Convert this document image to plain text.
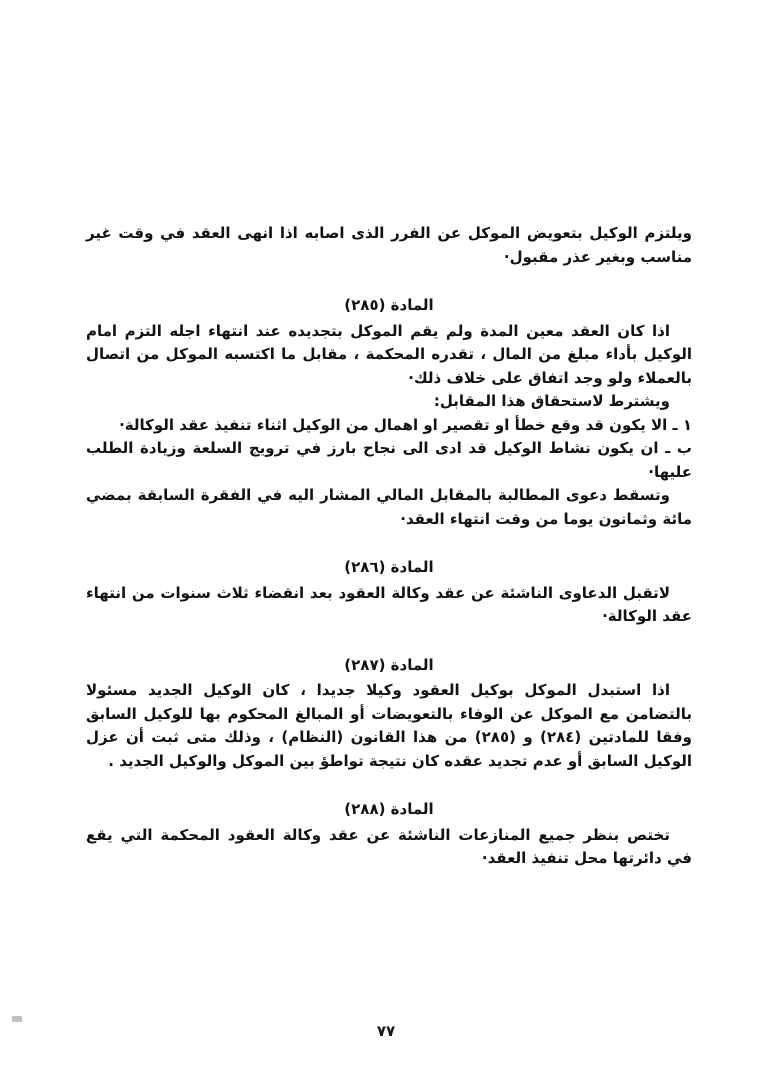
ويلتزم الوكيل بتعويض الموكل عن الفرر الذى اصابه اذا انهى العقد في وقت غير مناسب وبغير عذر مقبول·

المادة (٢٨٥)

اذا كان العقد معين المدة ولم يقم الموكل بتجديده عند انتهاء اجله التزم امام الوكيل بأداء مبلغ من المال ، تقدره المحكمة ، مقابل ما اكتسبه الموكل من اتصال بالعملاء ولو وجد اتفاق على خلاف ذلك·

ويشترط لاستحقاق هذا المقابل:

١ ـ الا يكون قد وقع خطأ او تقصير او اهمال من الوكيل اثناء تنفيذ عقد الوكالة·

ب ـ ان يكون نشاط الوكيل قد ادى الى نجاح بارز في ترويج السلعة وزيادة الطلب عليها·

وتسقط دعوى المطالبة بالمقابل المالي المشار اليه في الفقرة السابقة بمضي مائة وثمانون يوما من وقت انتهاء العقد·

المادة (٢٨٦)

لاتقبل الدعاوى الناشئة عن عقد وكالة العقود بعد انقضاء ثلاث سنوات من انتهاء عقد الوكالة·

المادة (٢٨٧)

اذا استبدل الموكل بوكيل العقود وكيلا جديدا ، كان الوكيل الجديد مسئولا بالتضامن مع الموكل عن الوفاء بالتعويضات أو المبالغ المحكوم بها للوكيل السابق وفقا للمادتين (٢٨٤) و (٢٨٥) من هذا القانون (النظام) ، وذلك متى ثبت أن عزل الوكيل السابق أو عدم تجديد عقده كان نتيجة تواطؤ بين الموكل والوكيل الجديد .

المادة (٢٨٨)

تختص بنظر جميع المنازعات الناشئة عن عقد وكالة العقود المحكمة التي يقع في دائرتها محل تنفيذ العقد·

٧٧
